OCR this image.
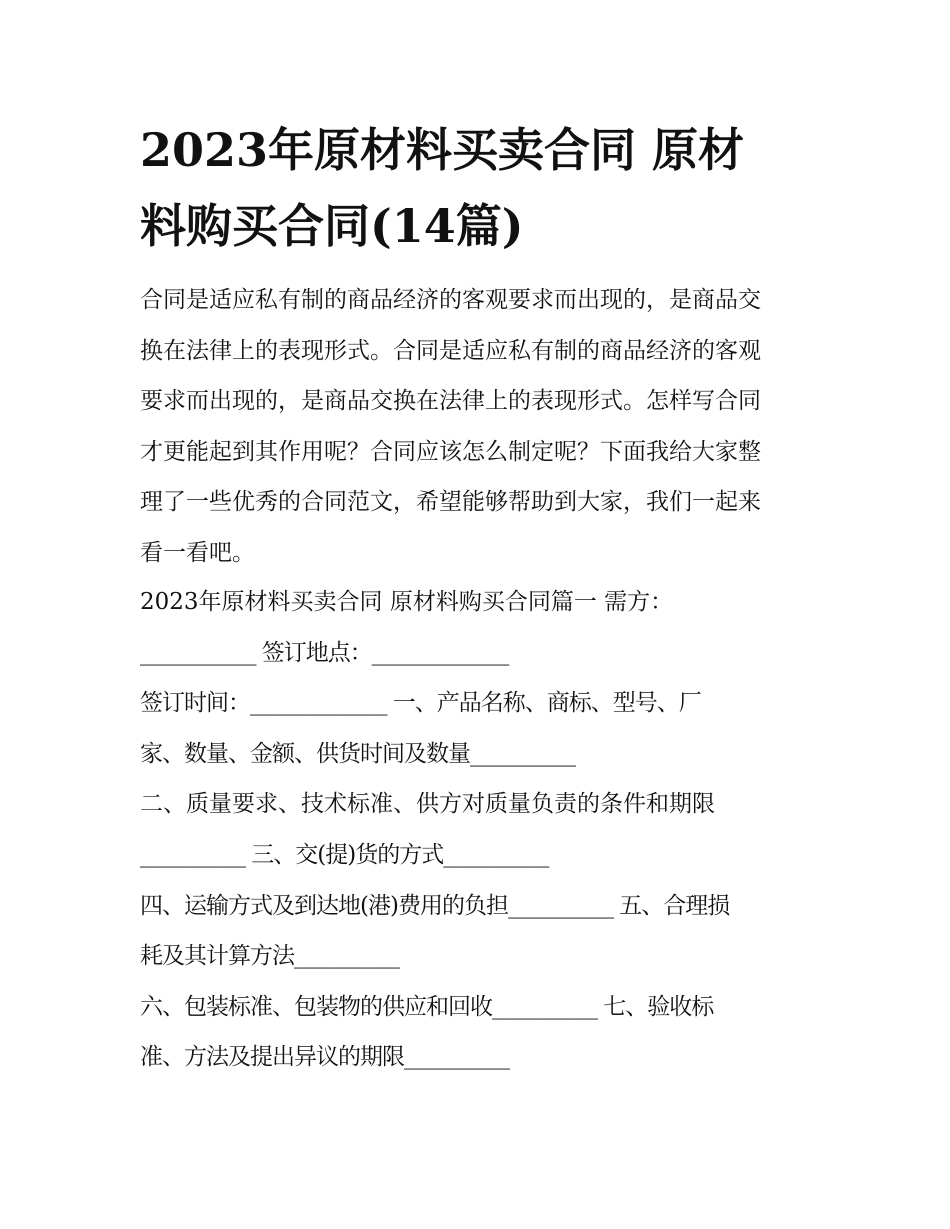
2023年原材料买卖合同 原材
料购买合同(14篇)

合同是适应私有制的商品经济的客观要求而出现的，是商品交
换在法律上的表现形式。合同是适应私有制的商品经济的客观
要求而出现的，是商品交换在法律上的表现形式。怎样写合同
才更能起到其作用呢？合同应该怎么制定呢？下面我给大家整
理了一些优秀的合同范文，希望能够帮助到大家，我们一起来
看一看吧。

2023年原材料买卖合同 原材料购买合同篇一 需方：
___________ 签订地点：_____________
签订时间：_____________ 一、产品名称、商标、型号、厂
家、数量、金额、供货时间及数量__________
二、质量要求、技术标准、供方对质量负责的条件和期限
__________ 三、交(提)货的方式__________
四、运输方式及到达地(港)费用的负担__________ 五、合理损
耗及其计算方法__________
六、包装标准、包装物的供应和回收__________ 七、验收标
准、方法及提出异议的期限__________
